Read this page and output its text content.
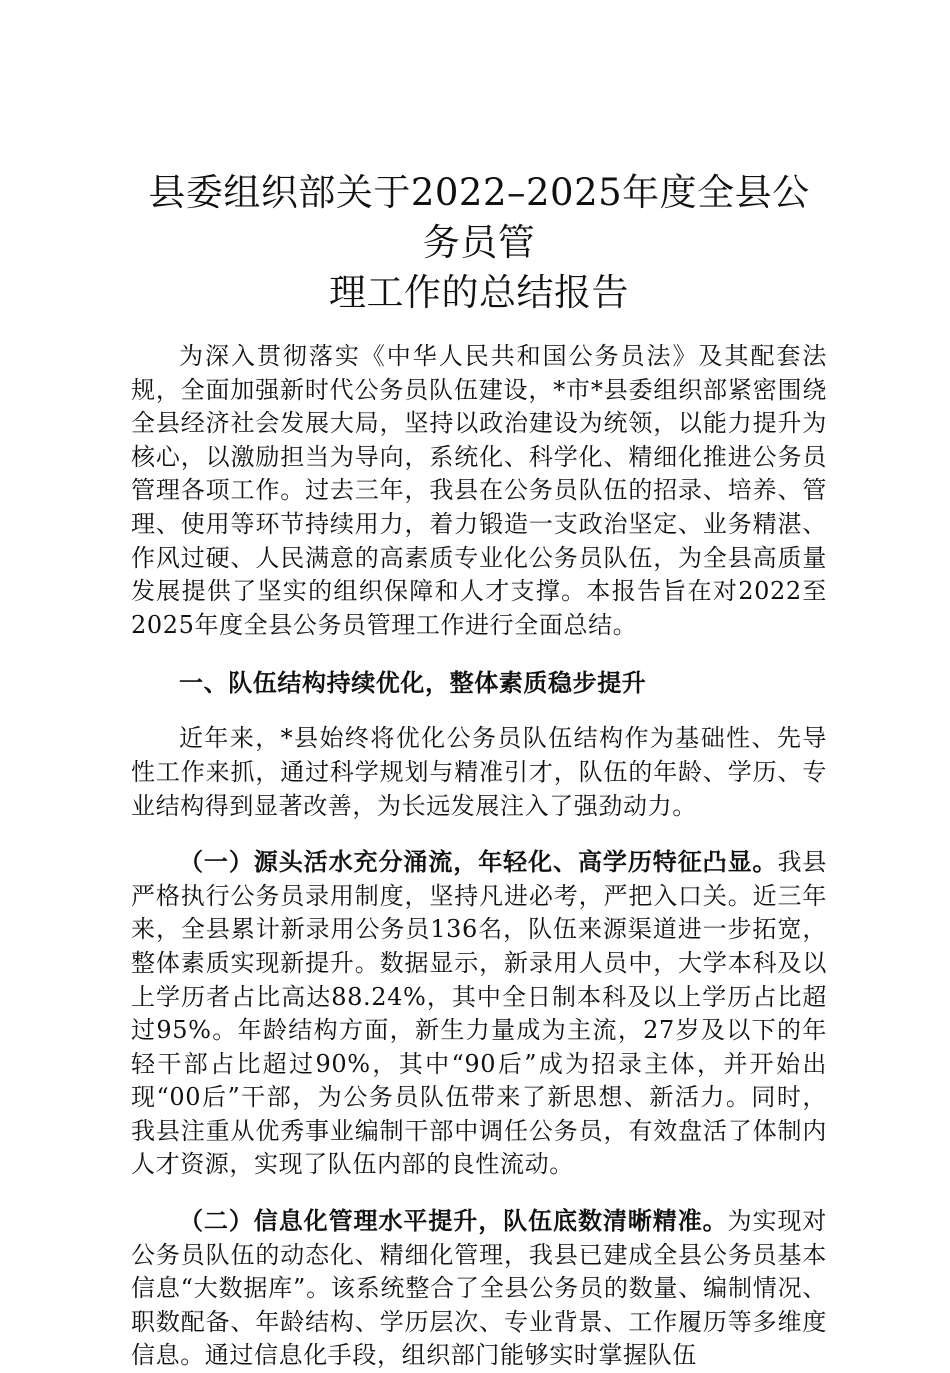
县委组织部关于2022–2025年度全县公务员管
理工作的总结报告

为深入贯彻落实《中华人民共和国公务员法》及其配套法规，全面加强新时代公务员队伍建设，*市*县委组织部紧密围绕全县经济社会发展大局，坚持以政治建设为统领，以能力提升为核心，以激励担当为导向，系统化、科学化、精细化推进公务员管理各项工作。过去三年，我县在公务员队伍的招录、培养、管理、使用等环节持续用力，着力锻造一支政治坚定、业务精湛、作风过硬、人民满意的高素质专业化公务员队伍，为全县高质量发展提供了坚实的组织保障和人才支撑。本报告旨在对2022至2025年度全县公务员管理工作进行全面总结。

一、队伍结构持续优化，整体素质稳步提升

近年来，*县始终将优化公务员队伍结构作为基础性、先导性工作来抓，通过科学规划与精准引才，队伍的年龄、学历、专业结构得到显著改善，为长远发展注入了强劲动力。

（一）源头活水充分涌流，年轻化、高学历特征凸显。我县严格执行公务员录用制度，坚持凡进必考，严把入口关。近三年来，全县累计新录用公务员136名，队伍来源渠道进一步拓宽，整体素质实现新提升。数据显示，新录用人员中，大学本科及以上学历者占比高达88.24%，其中全日制本科及以上学历占比超过95%。年龄结构方面，新生力量成为主流，27岁及以下的年轻干部占比超过90%，其中“90后”成为招录主体，并开始出现“00后”干部，为公务员队伍带来了新思想、新活力。同时，我县注重从优秀事业编制干部中调任公务员，有效盘活了体制内人才资源，实现了队伍内部的良性流动。

（二）信息化管理水平提升，队伍底数清晰精准。为实现对公务员队伍的动态化、精细化管理，我县已建成全县公务员基本信息“大数据库”。该系统整合了全县公务员的数量、编制情况、职数配备、年龄结构、学历层次、专业背景、工作履历等多维度信息。通过信息化手段，组织部门能够实时掌握队伍
